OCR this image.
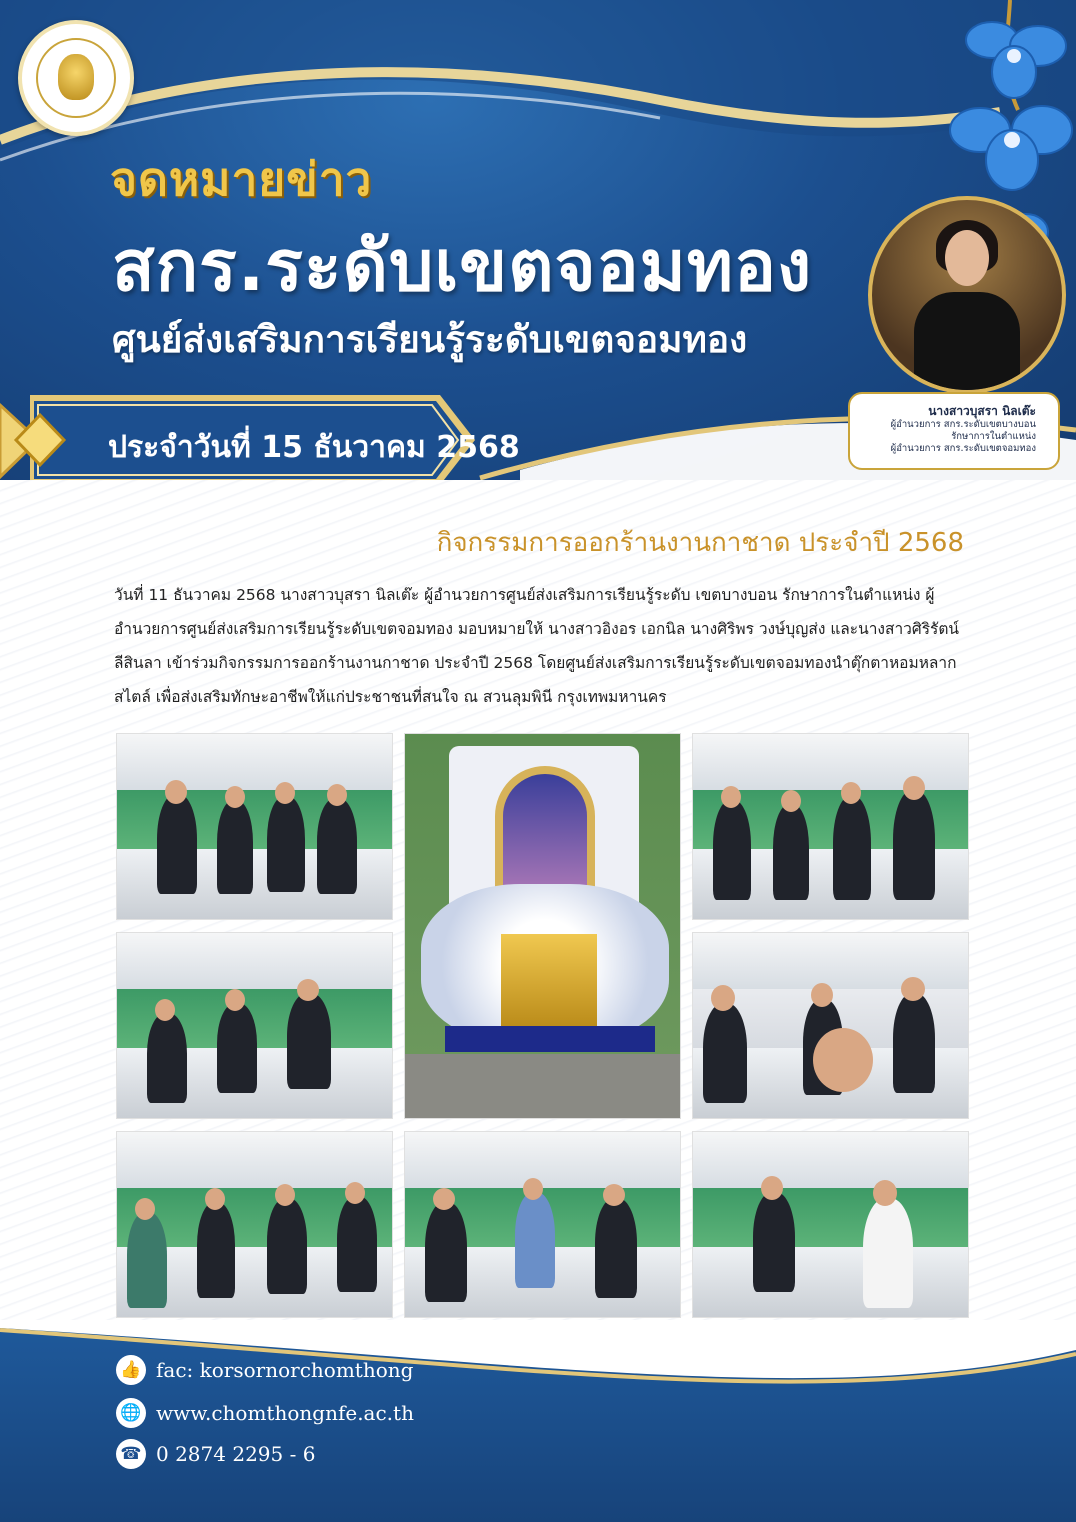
จดหมายข่าว
สกร.ระดับเขตจอมทอง
ศูนย์ส่งเสริมการเรียนรู้ระดับเขตจอมทอง
ประจำวันที่ 15 ธันวาคม 2568
นางสาวบุสรา นิลเต๊ะ
ผู้อำนวยการ สกร.ระดับเขตบางบอน
รักษาการในตำแหน่ง
ผู้อำนวยการ สกร.ระดับเขตจอมทอง
กิจกรรมการออกร้านงานกาชาด ประจำปี 2568
วันที่ 11 ธันวาคม 2568 นางสาวบุสรา นิลเต๊ะ ผู้อำนวยการศูนย์ส่งเสริมการเรียนรู้ระดับ เขตบางบอน รักษาการในตำแหน่ง ผู้อำนวยการศูนย์ส่งเสริมการเรียนรู้ระดับเขตจอมทอง มอบหมายให้ นางสาวอิงอร เอกนิล นางศิริพร วงษ์บุญส่ง และนางสาวศิริรัตน์ ลีสินลา เข้าร่วมกิจกรรมการออกร้านงานกาชาด ประจำปี 2568 โดยศูนย์ส่งเสริมการเรียนรู้ระดับเขตจอมทองนำตุ๊กตาหอมหลากสไตล์ เพื่อส่งเสริมทักษะอาชีพให้แก่ประชาชนที่สนใจ ณ สวนลุมพินี กรุงเทพมหานคร
👍 fac: korsornorchomthong
🌐 www.chomthongnfe.ac.th
☎ 0 2874 2295 - 6
